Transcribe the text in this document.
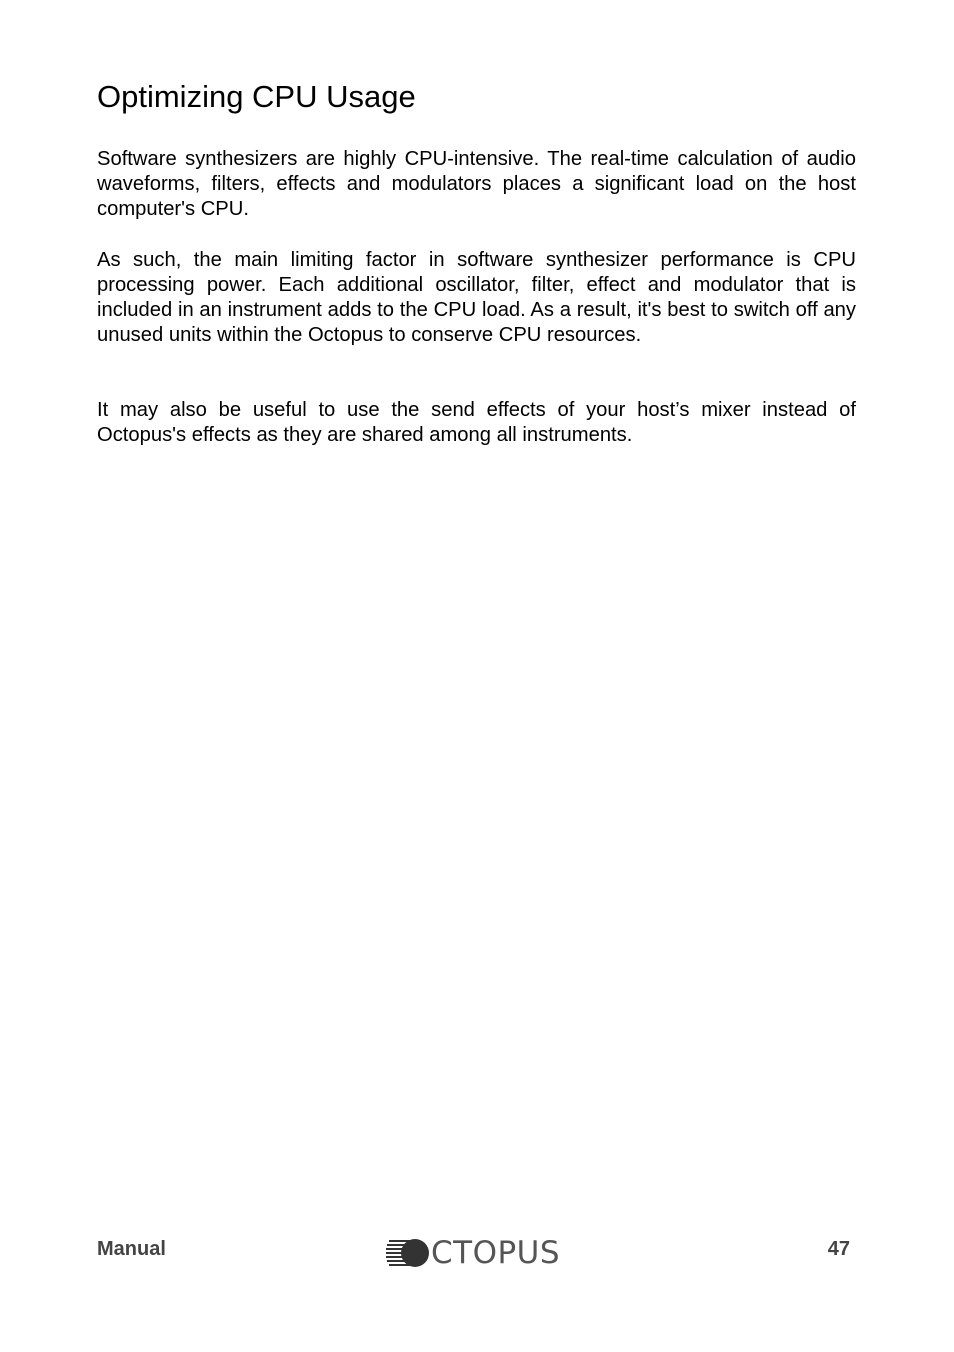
Optimizing CPU Usage

Software synthesizers are highly CPU-intensive. The real-time calculation of audio waveforms, filters, effects and modulators places a significant load on the host computer's CPU.

As such, the main limiting factor in software synthesizer performance is CPU processing power. Each additional oscillator, filter, effect and modulator that is included in an instrument adds to the CPU load. As a result, it's best to switch off any unused units within the Octopus to conserve CPU resources.

It may also be useful to use the send effects of your host’s mixer instead of Octopus's effects as they are shared among all instruments.

Manual	CTOPUS	47
